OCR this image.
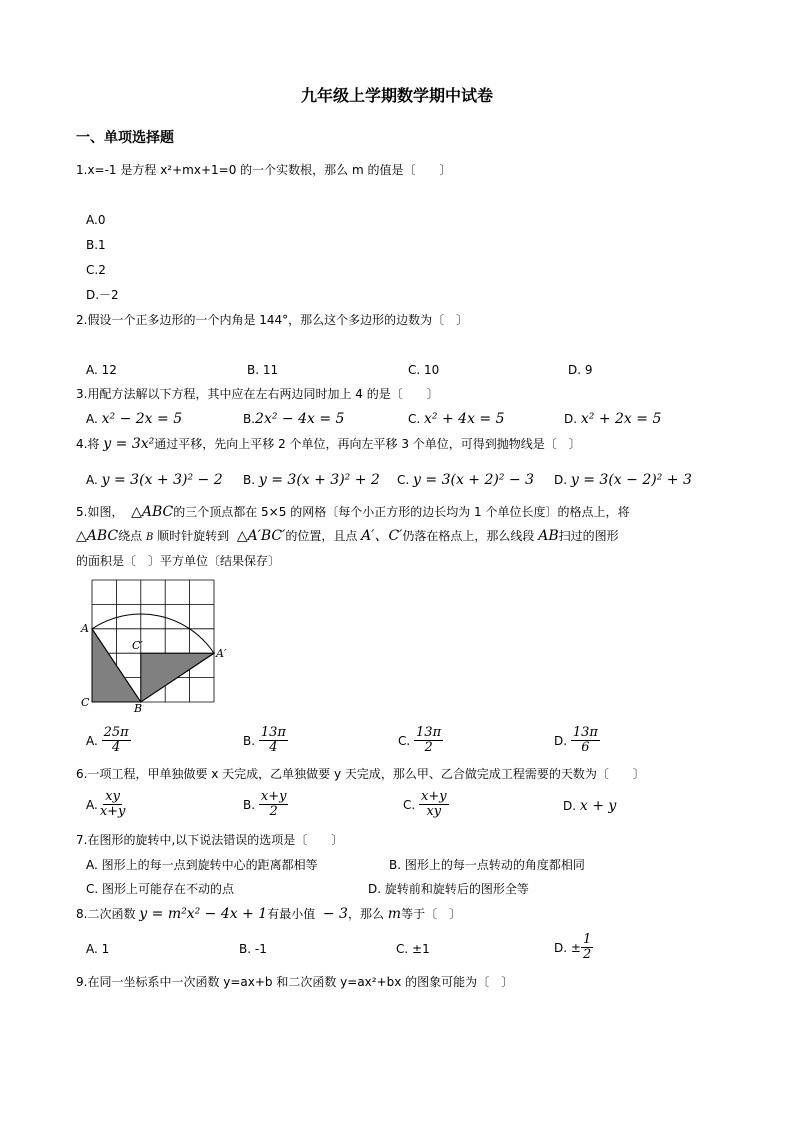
九年级上学期数学期中试卷
一、单项选择题
1.x=-1 是方程 x²+mx+1=0 的一个实数根，那么 m 的值是〔　　〕
A.0
B.1
C.2
D.－2
2.假设一个正多边形的一个内角是 144°，那么这个多边形的边数为〔　〕
A. 12	B. 11	C. 10	D. 9
3.用配方法解以下方程，其中应在左右两边同时加上 4 的是〔　　〕
A. x² − 2x = 5	B.2x² − 4x = 5	C. x² + 4x = 5	D. x² + 2x = 5
4.将 y = 3x²通过平移，先向上平移 2 个单位，再向左平移 3 个单位，可得到抛物线是〔　〕
A. y = 3(x + 3)² − 2 B. y = 3(x + 3)² + 2 C. y = 3(x + 2)² − 3 D. y = 3(x − 2)² + 3
5.如图， △ABC的三个顶点都在 5×5 的网格〔每个小正方形的边长均为 1 个单位长度〕的格点上，将
△ABC绕点 B 顺时针旋转到 △A′BC′的位置，且点 A′、C′仍落在格点上，那么线段 AB扫过的图形
的面积是〔　〕平方单位〔结果保存〕
A
A′
B
C
C′
A. $\frac{25\pi}{4}$	B. $\frac{13\pi}{4}$	C. $\frac{13\pi}{2}$	D. $\frac{13\pi}{6}$
6.一项工程，甲单独做要 x 天完成，乙单独做要 y 天完成，那么甲、乙合做完成工程需要的天数为〔　　〕
A. $\frac{xy}{x+y}$	B. $\frac{x+y}{2}$	C. $\frac{x+y}{xy}$	D. x + y
7.在图形的旋转中,以下说法错误的选项是〔　　〕
A. 图形上的每一点到旋转中心的距离都相等	B. 图形上的每一点转动的角度都相同
C. 图形上可能存在不动的点	D. 旋转前和旋转后的图形全等
8.二次函数 y = m²x² − 4x + 1有最小值 − 3，那么 m等于〔　〕
A. 1	B. -1	C. ±1	D. ± $\frac{1}{2}$
9.在同一坐标系中一次函数 y=ax+b 和二次函数 y=ax²+bx 的图象可能为〔　〕
